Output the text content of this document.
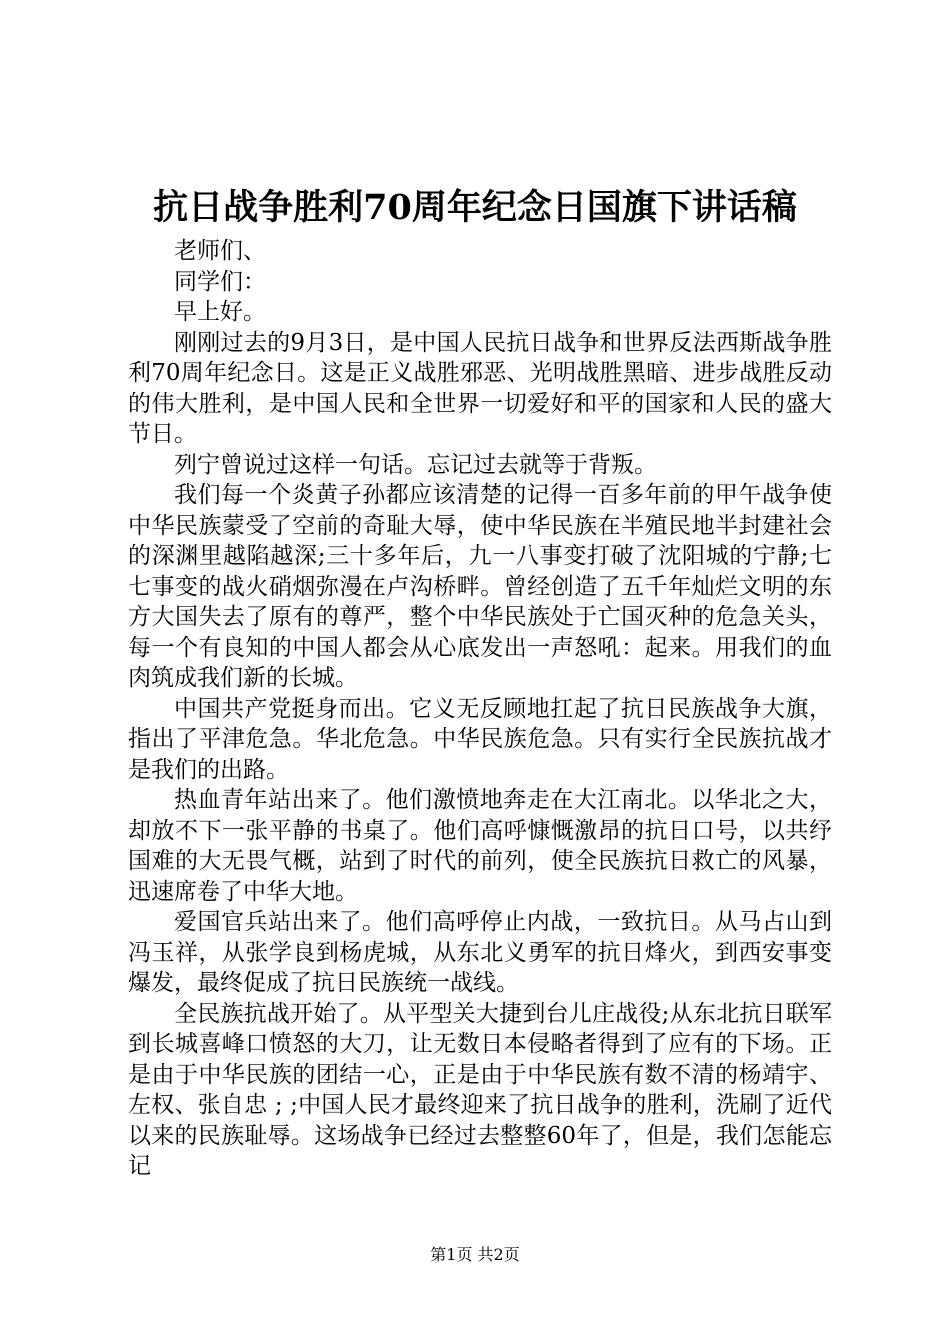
抗日战争胜利70周年纪念日国旗下讲话稿

老师们、

同学们：

早上好。

刚刚过去的9月3日，是中国人民抗日战争和世界反法西斯战争胜利70周年纪念日。这是正义战胜邪恶、光明战胜黑暗、进步战胜反动的伟大胜利，是中国人民和全世界一切爱好和平的国家和人民的盛大节日。

列宁曾说过这样一句话。忘记过去就等于背叛。

我们每一个炎黄子孙都应该清楚的记得一百多年前的甲午战争使中华民族蒙受了空前的奇耻大辱，使中华民族在半殖民地半封建社会的深渊里越陷越深;三十多年后，九一八事变打破了沈阳城的宁静;七七事变的战火硝烟弥漫在卢沟桥畔。曾经创造了五千年灿烂文明的东方大国失去了原有的尊严，整个中华民族处于亡国灭种的危急关头，每一个有良知的中国人都会从心底发出一声怒吼：起来。用我们的血肉筑成我们新的长城。

中国共产党挺身而出。它义无反顾地扛起了抗日民族战争大旗，指出了平津危急。华北危急。中华民族危急。只有实行全民族抗战才是我们的出路。

热血青年站出来了。他们激愤地奔走在大江南北。以华北之大，却放不下一张平静的书桌了。他们高呼慷慨激昂的抗日口号，以共纾国难的大无畏气概，站到了时代的前列，使全民族抗日救亡的风暴，迅速席卷了中华大地。

爱国官兵站出来了。他们高呼停止内战，一致抗日。从马占山到冯玉祥，从张学良到杨虎城，从东北义勇军的抗日烽火，到西安事变爆发，最终促成了抗日民族统一战线。

全民族抗战开始了。从平型关大捷到台儿庄战役;从东北抗日联军到长城喜峰口愤怒的大刀，让无数日本侵略者得到了应有的下场。正是由于中华民族的团结一心，正是由于中华民族有数不清的杨靖宇、左权、张自忠 ; ;中国人民才最终迎来了抗日战争的胜利，洗刷了近代以来的民族耻辱。这场战争已经过去整整60年了，但是，我们怎能忘记

第1页 共2页
